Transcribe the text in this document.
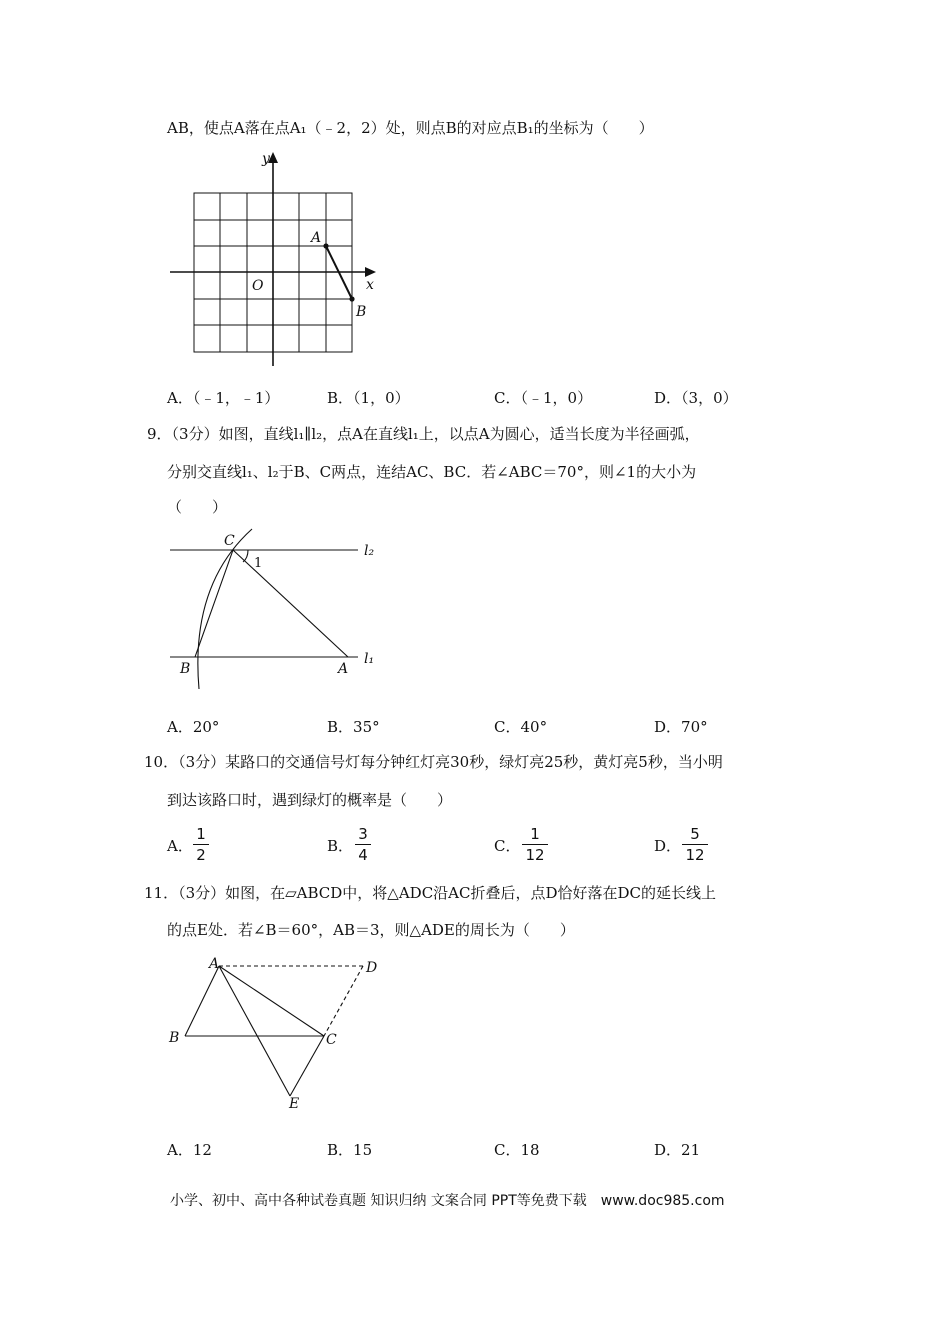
AB，使点A落在点A₁（﹣2，2）处，则点B的对应点B₁的坐标为（　　）
y
x
O
A
B
A．（﹣1，﹣1）	B．（1，0）	C．（﹣1，0）	D．（3，0）
9．（3分）如图，直线l₁∥l₂，点A在直线l₁上，以点A为圆心，适当长度为半径画弧，
分别交直线l₁、l₂于B、C两点，连结AC、BC．若∠ABC＝70°，则∠1的大小为
（　　）
C
B	A
1
l₂
l₁
A．20°	B．35°	C．40°	D．70°
10．（3分）某路口的交通信号灯每分钟红灯亮30秒，绿灯亮25秒，黄灯亮5秒，当小明
到达该路口时，遇到绿灯的概率是（　　）
A．
1
2	B．
3
4	C．
1
12	D．
5
12
11．（3分）如图，在▱ABCD中，将△ADC沿AC折叠后，点D恰好落在DC的延长线上
的点E处．若∠B＝60°，AB＝3，则△ADE的周长为（　　）
A	D
B	C
E
A．12	B．15	C．18	D．21
小学、初中、高中各种试卷真题 知识归纳 文案合同 PPT等免费下载　www.doc985.com
